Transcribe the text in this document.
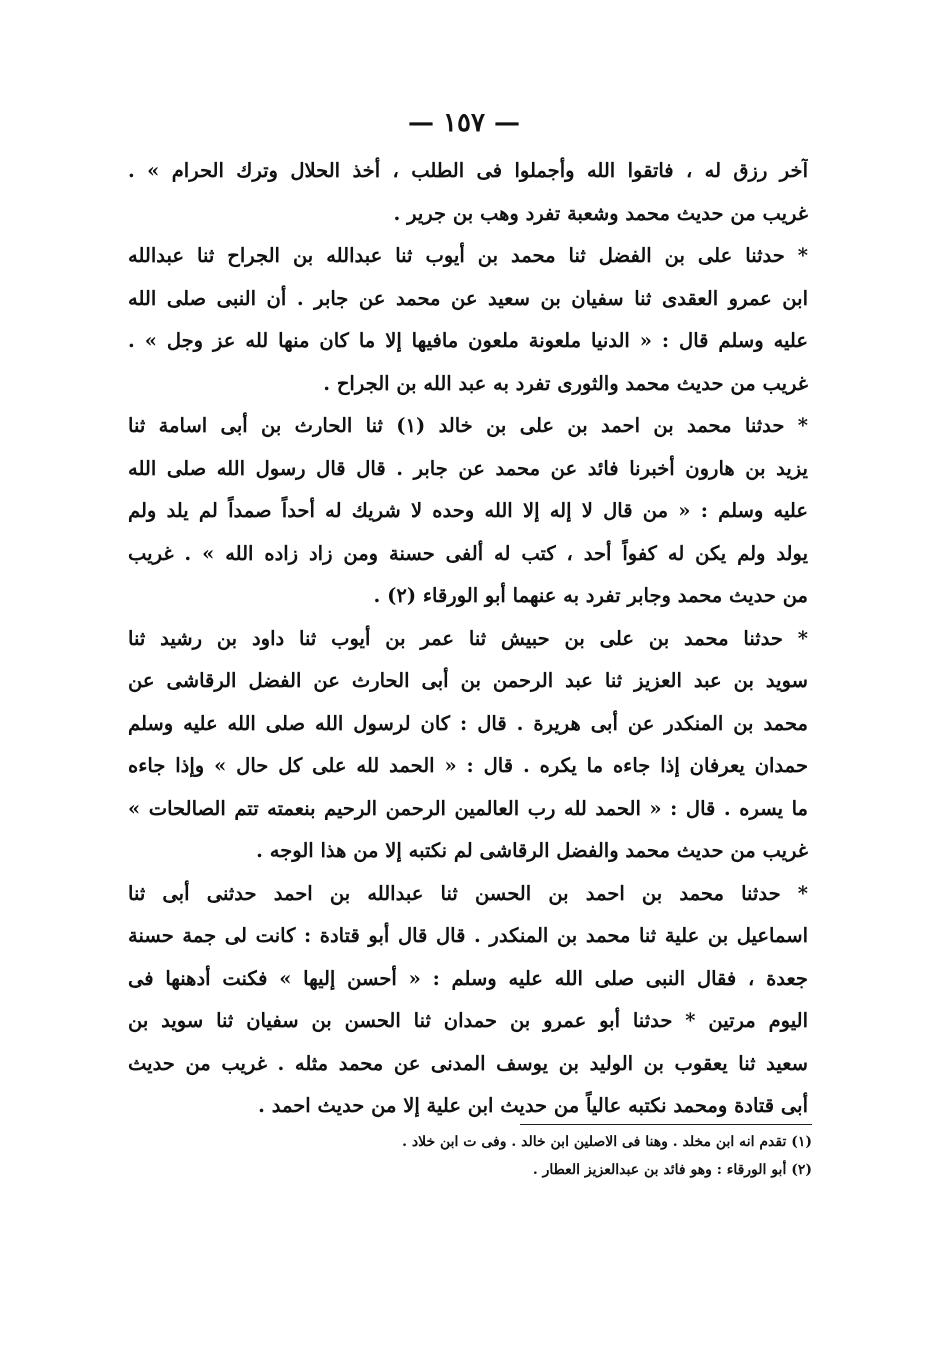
— ١٥٧ —
آخر رزق له ، فاتقوا الله وأجملوا فى الطلب ، أخذ الحلال وترك الحرام » .
غريب من حديث محمد وشعبة تفرد وهب بن جرير .
* حدثنا على بن الفضل ثنا محمد بن أيوب ثنا عبدالله بن الجراح ثنا عبدالله
ابن عمرو العقدى ثنا سفيان بن سعيد عن محمد عن جابر . أن النبى صلى الله
عليه وسلم قال : « الدنيا ملعونة ملعون مافيها إلا ما كان منها لله عز وجل » .
غريب من حديث محمد والثورى تفرد به عبد الله بن الجراح .
* حدثنا محمد بن احمد بن على بن خالد (١) ثنا الحارث بن أبى اسامة ثنا
يزيد بن هارون أخبرنا فائد عن محمد عن جابر . قال قال رسول الله صلى الله
عليه وسلم : « من قال لا إله إلا الله وحده لا شريك له أحداً صمداً لم يلد ولم
يولد ولم يكن له كفواً أحد ، كتب له ألفى حسنة ومن زاد زاده الله » . غريب
من حديث محمد وجابر تفرد به عنهما أبو الورقاء (٢) .
* حدثنا محمد بن على بن حبيش ثنا عمر بن أيوب ثنا داود بن رشيد ثنا
سويد بن عبد العزيز ثنا عبد الرحمن بن أبى الحارث عن الفضل الرقاشى عن
محمد بن المنكدر عن أبى هريرة . قال : كان لرسول الله صلى الله عليه وسلم
حمدان يعرفان إذا جاءه ما يكره . قال : « الحمد لله على كل حال » وإذا جاءه
ما يسره . قال : « الحمد لله رب العالمين الرحمن الرحيم بنعمته تتم الصالحات »
غريب من حديث محمد والفضل الرقاشى لم نكتبه إلا من هذا الوجه .
* حدثنا محمد بن احمد بن الحسن ثنا عبدالله بن احمد حدثنى أبى ثنا
اسماعيل بن علية ثنا محمد بن المنكدر . قال قال أبو قتادة : كانت لى جمة حسنة
جعدة ، فقال النبى صلى الله عليه وسلم : « أحسن إليها » فكنت أدهنها فى
اليوم مرتين * حدثنا أبو عمرو بن حمدان ثنا الحسن بن سفيان ثنا سويد بن
سعيد ثنا يعقوب بن الوليد بن يوسف المدنى عن محمد مثله . غريب من حديث
أبى قتادة ومحمد نكتبه عالياً من حديث ابن علية إلا من حديث احمد .
(١) تقدم انه ابن مخلد . وهنا فى الاصلين ابن خالد . وفى ت ابن خلاد .
(٢) أبو الورقاء : وهو فائد بن عبدالعزيز العطار .
